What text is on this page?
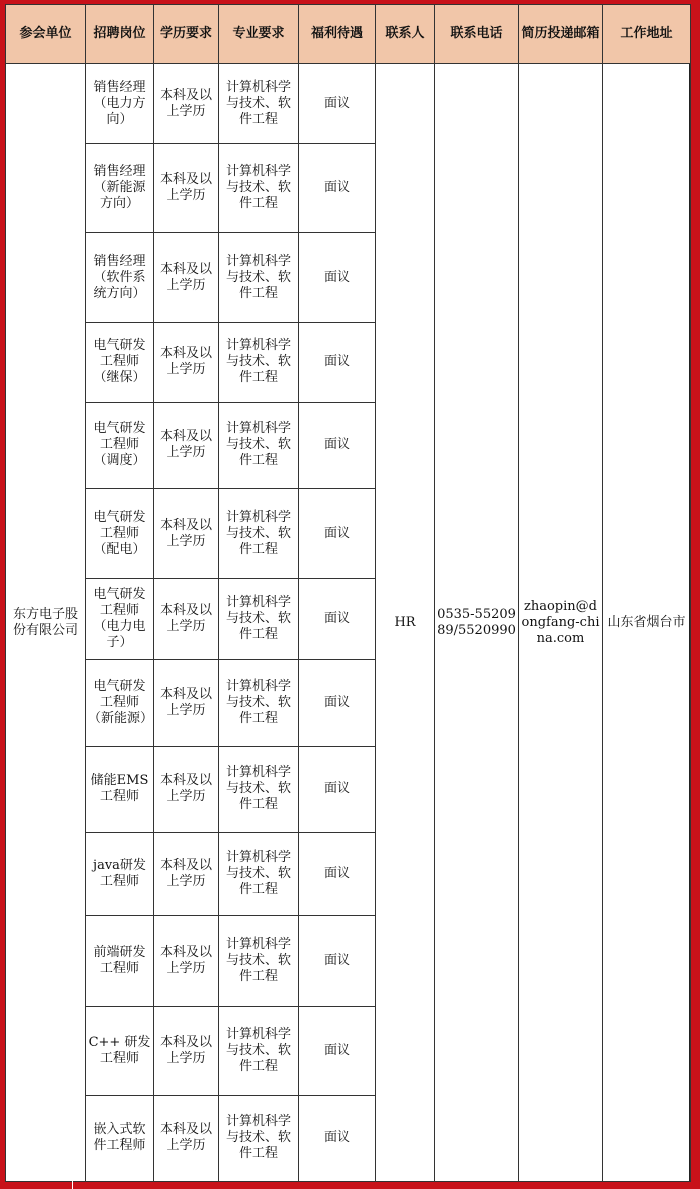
参会单位	招聘岗位	学历要求	专业要求	福利待遇	联系人	联系电话	简历投递邮箱	工作地址
东方电子股份有限公司	销售经理（电力方向）	本科及以上学历	计算机科学与技术、软件工程	面议	HR	0535-5520989/5520990	zhaopin@dongfang-china.com	山东省烟台市
	销售经理（新能源方向）	本科及以上学历	计算机科学与技术、软件工程	面议				
	销售经理（软件系统方向）	本科及以上学历	计算机科学与技术、软件工程	面议				
	电气研发工程师（继保）	本科及以上学历	计算机科学与技术、软件工程	面议				
	电气研发工程师（调度）	本科及以上学历	计算机科学与技术、软件工程	面议				
	电气研发工程师（配电）	本科及以上学历	计算机科学与技术、软件工程	面议				
	电气研发工程师（电力电子）	本科及以上学历	计算机科学与技术、软件工程	面议				
	电气研发工程师（新能源）	本科及以上学历	计算机科学与技术、软件工程	面议				
	储能EMS工程师	本科及以上学历	计算机科学与技术、软件工程	面议				
	java研发工程师	本科及以上学历	计算机科学与技术、软件工程	面议				
	前端研发工程师	本科及以上学历	计算机科学与技术、软件工程	面议				
	C++ 研发工程师	本科及以上学历	计算机科学与技术、软件工程	面议				
	嵌入式软件工程师	本科及以上学历	计算机科学与技术、软件工程	面议				
